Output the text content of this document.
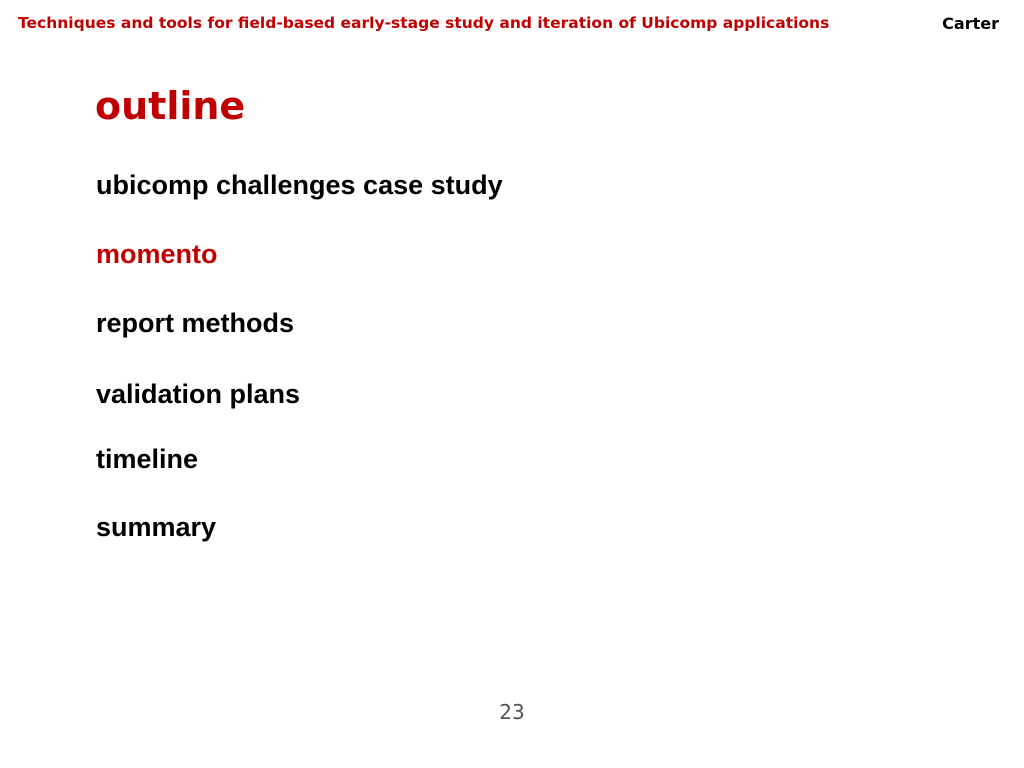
Techniques and tools for field-based early-stage study and iteration of Ubicomp applications	Carter
outline
ubicomp challenges case study
momento
report methods
validation plans
timeline
summary
23
